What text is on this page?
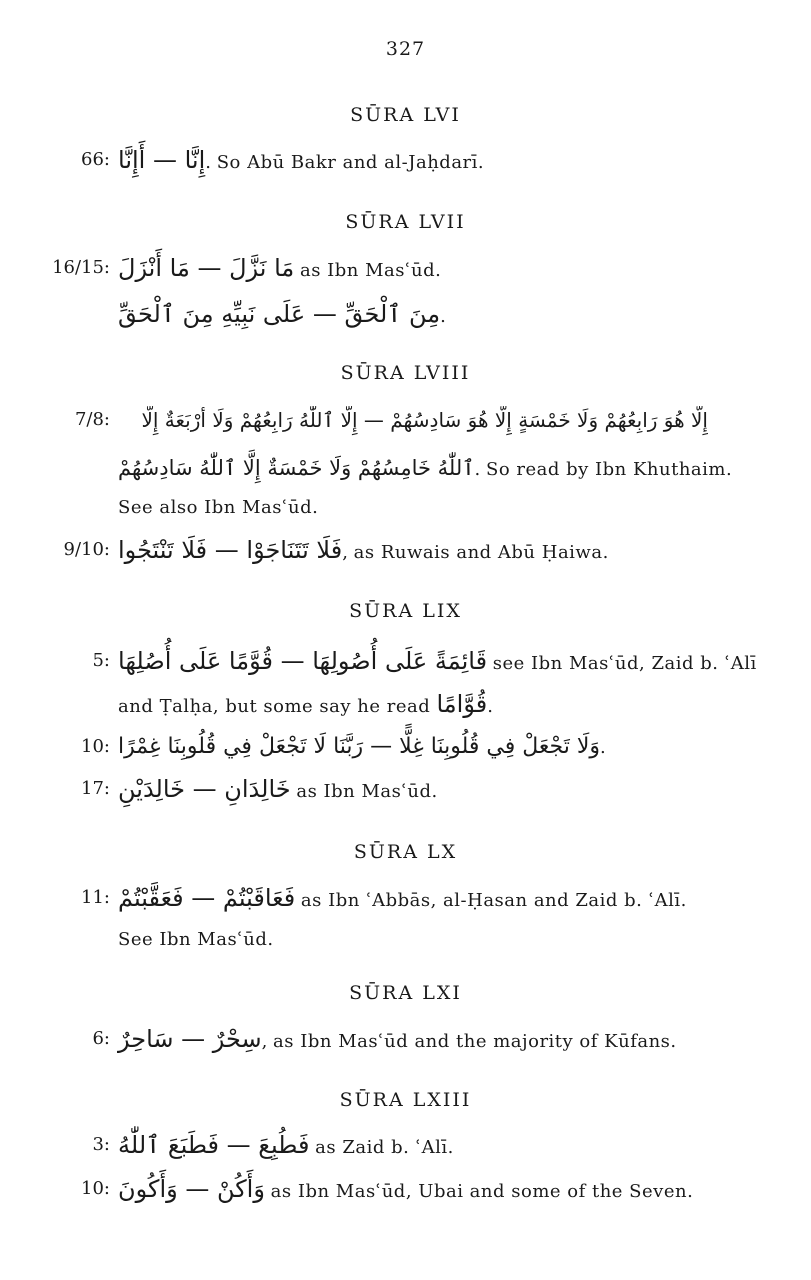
327
SŪRA LVI
66: إِنَّا — أَإِنَّا. So Abū Bakr and al-Jaḥdarī.
SŪRA LVII
16/15: مَا نَزَّلَ — مَا أَنْزَلَ as Ibn Masʿūd.
مِنَ ٱلْحَقِّ — عَلَى نَبِيِّهِ مِنَ ٱلْحَقِّ.
SŪRA LVIII
7/8:	إِلَّا هُوَ رَابِعُهُمْ وَلَا خَمْسَةٍ إِلَّا هُوَ سَادِسُهُمْ — إِلَّا ٱللّٰهُ رَابِعُهُمْ وَلَا أَرْبَعَةٌ إِلَّا
ٱللّٰهُ خَامِسُهُمْ وَلَا خَمْسَةٌ إِلَّا ٱللّٰهُ سَادِسُهُمْ. So read by Ibn Khuthaim.
See also Ibn Masʿūd.
9/10: فَلَا تَتَنَاجَوْا — فَلَا تَنْتَجُوا, as Ruwais and Abū Ḥaiwa.
SŪRA LIX
5: قَائِمَةً عَلَى أُصُولِهَا — قُوَّمًا عَلَى أُصُلِهَا see Ibn Masʿūd, Zaid b. ʿAlī
and Ṭalḥa, but some say he read قُوَّامًا.
10: وَلَا تَجْعَلْ فِي قُلُوبِنَا غِلًّا — رَبَّنَا لَا تَجْعَلْ فِي قُلُوبِنَا غِمْرًا.
17: خَالِدَانِ — خَالِدَيْنِ as Ibn Masʿūd.
SŪRA LX
11: فَعَاقَبْتُمْ — فَعَقَّبْتُمْ as Ibn ʿAbbās, al-Ḥasan and Zaid b. ʿAlī.
See Ibn Masʿūd.
SŪRA LXI
6: سِحْرٌ — سَاحِرٌ, as Ibn Masʿūd and the majority of Kūfans.
SŪRA LXIII
3: فَطُبِعَ — فَطَبَعَ ٱللّٰهُ as Zaid b. ʿAlī.
10: وَأَكُنْ — وَأَكُونَ as Ibn Masʿūd, Ubai and some of the Seven.
